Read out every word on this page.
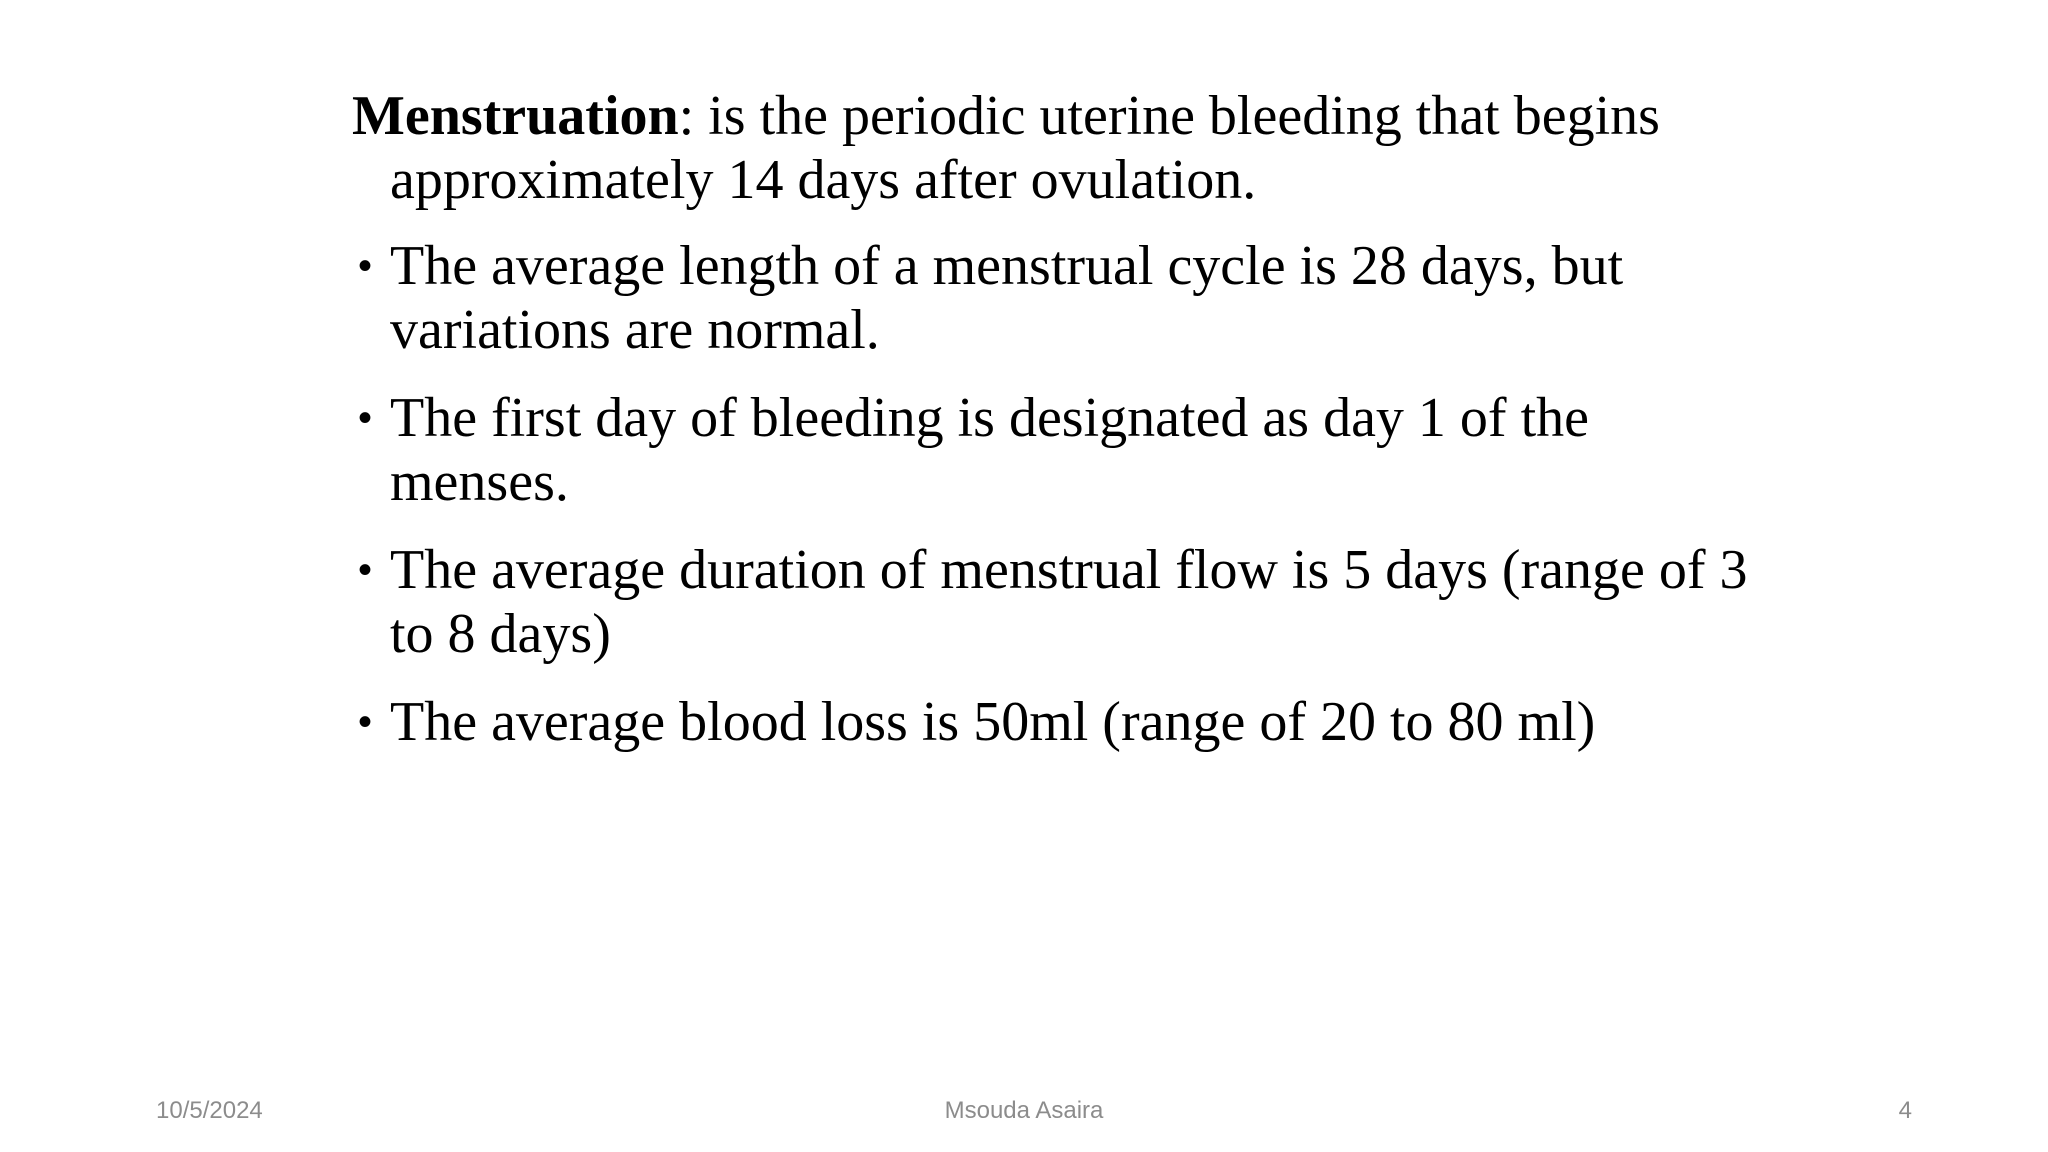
Menstruation: is the periodic uterine bleeding that begins approximately 14 days after ovulation.

• The average length of a menstrual cycle is 28 days, but variations are normal.
• The first day of bleeding is designated as day 1 of the menses.
• The average duration of menstrual flow is 5 days (range of 3 to 8 days)
• The average blood loss is 50ml (range of 20 to 80 ml)
Msouda Asaira
10/5/2024	4
